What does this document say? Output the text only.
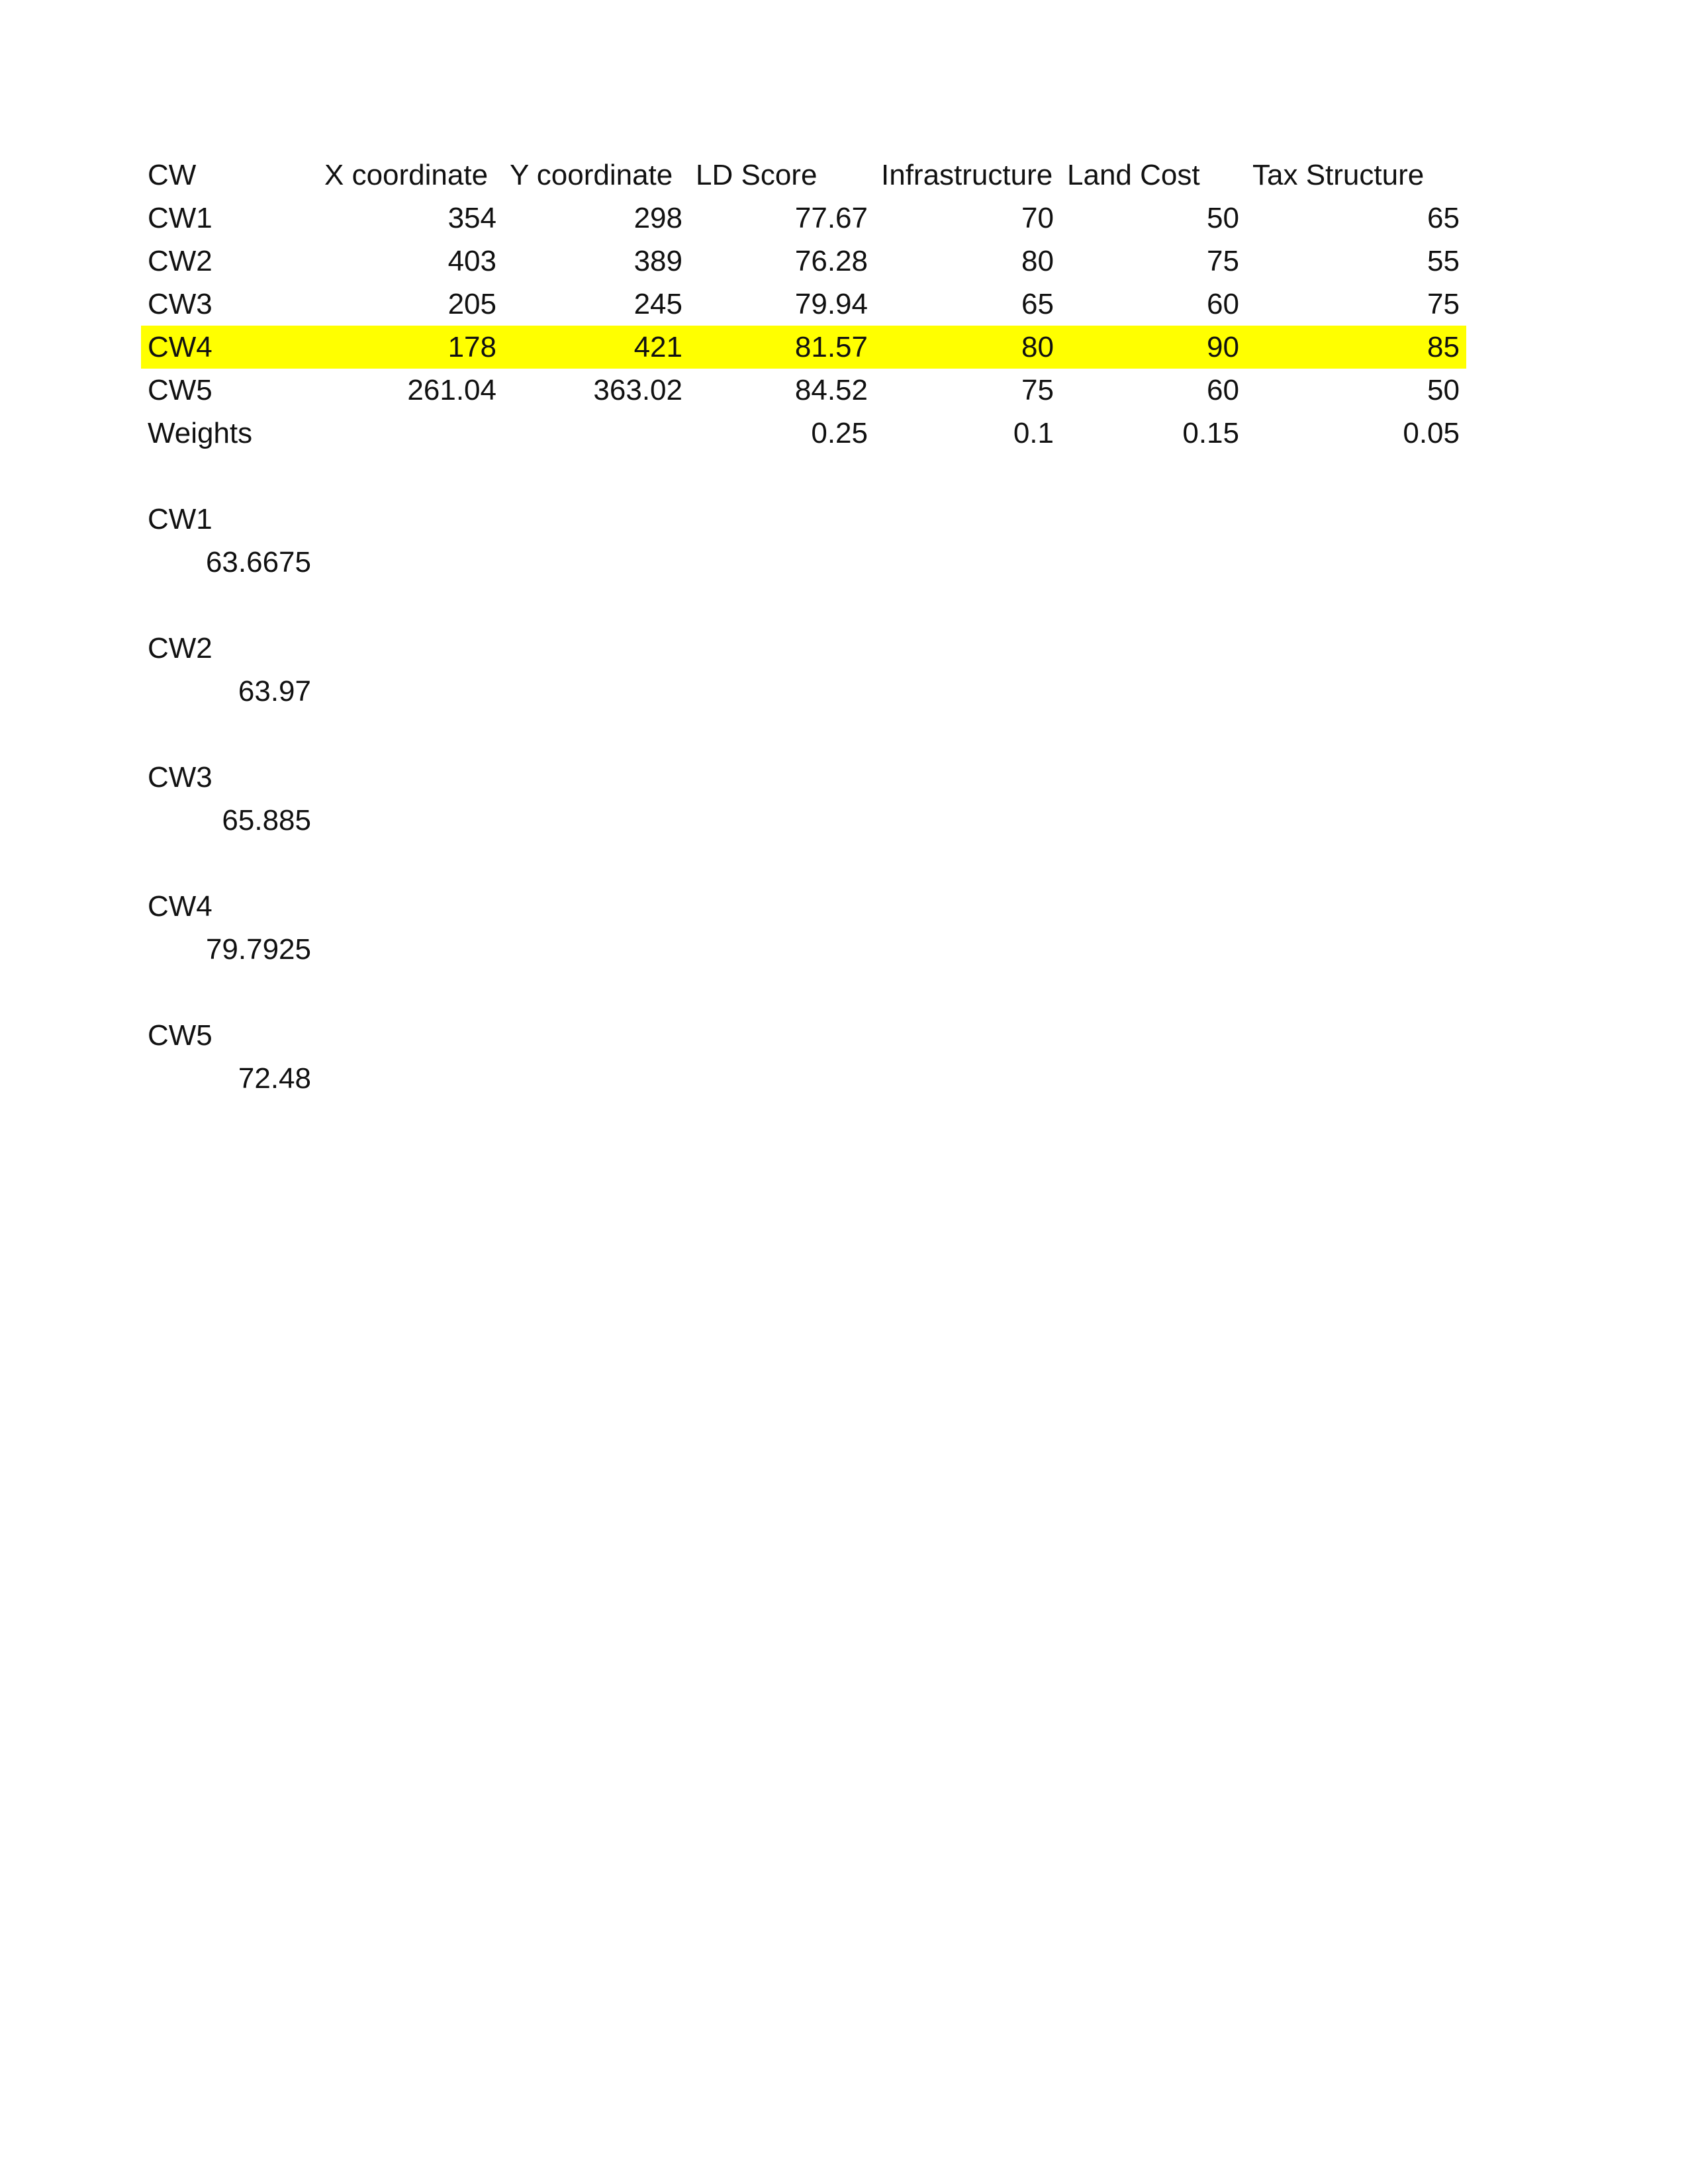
CW	X coordinate	Y coordinate	LD Score	Infrastructure	Land Cost	Tax Structure
CW1	354	298	77.67	70	50	65
CW2	403	389	76.28	80	75	55
CW3	205	245	79.94	65	60	75
CW4	178	421	81.57	80	90	85
CW5	261.04	363.02	84.52	75	60	50
Weights			0.25	0.1	0.15	0.05

CW1						
63.6675						

CW2						
63.97						

CW3						
65.885						

CW4						
79.7925						

CW5						
72.48						
